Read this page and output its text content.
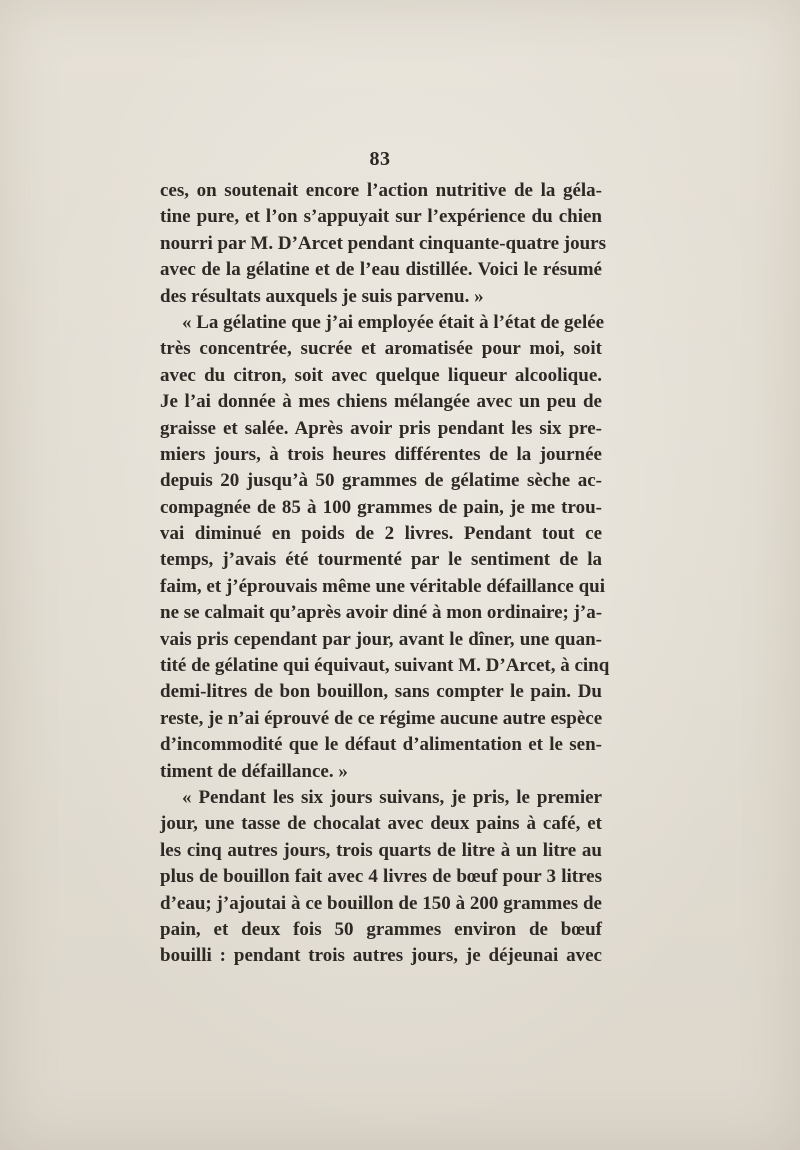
83
ces, on soutenait encore l’action nutritive de la géla-
tine pure, et l’on s’appuyait sur l’expérience du chien
nourri par M. D’Arcet pendant cinquante-quatre jours
avec de la gélatine et de l’eau distillée. Voici le résumé
des résultats auxquels je suis parvenu. »
« La gélatine que j’ai employée était à l’état de gelée
très concentrée, sucrée et aromatisée pour moi, soit
avec du citron, soit avec quelque liqueur alcoolique.
Je l’ai donnée à mes chiens mélangée avec un peu de
graisse et salée. Après avoir pris pendant les six pre-
miers jours, à trois heures différentes de la journée
depuis 20 jusqu’à 50 grammes de gélatime sèche ac-
compagnée de 85 à 100 grammes de pain, je me trou-
vai diminué en poids de 2 livres. Pendant tout ce
temps, j’avais été tourmenté par le sentiment de la
faim, et j’éprouvais même une véritable défaillance qui
ne se calmait qu’après avoir diné à mon ordinaire; j’a-
vais pris cependant par jour, avant le dîner, une quan-
tité de gélatine qui équivaut, suivant M. D’Arcet, à cinq
demi-litres de bon bouillon, sans compter le pain. Du
reste, je n’ai éprouvé de ce régime aucune autre espèce
d’incommodité que le défaut d’alimentation et le sen-
timent de défaillance. »
« Pendant les six jours suivans, je pris, le premier
jour, une tasse de chocalat avec deux pains à café, et
les cinq autres jours, trois quarts de litre à un litre au
plus de bouillon fait avec 4 livres de bœuf pour 3 litres
d’eau; j’ajoutai à ce bouillon de 150 à 200 grammes de
pain, et deux fois 50 grammes environ de bœuf
bouilli : pendant trois autres jours, je déjeunai avec
